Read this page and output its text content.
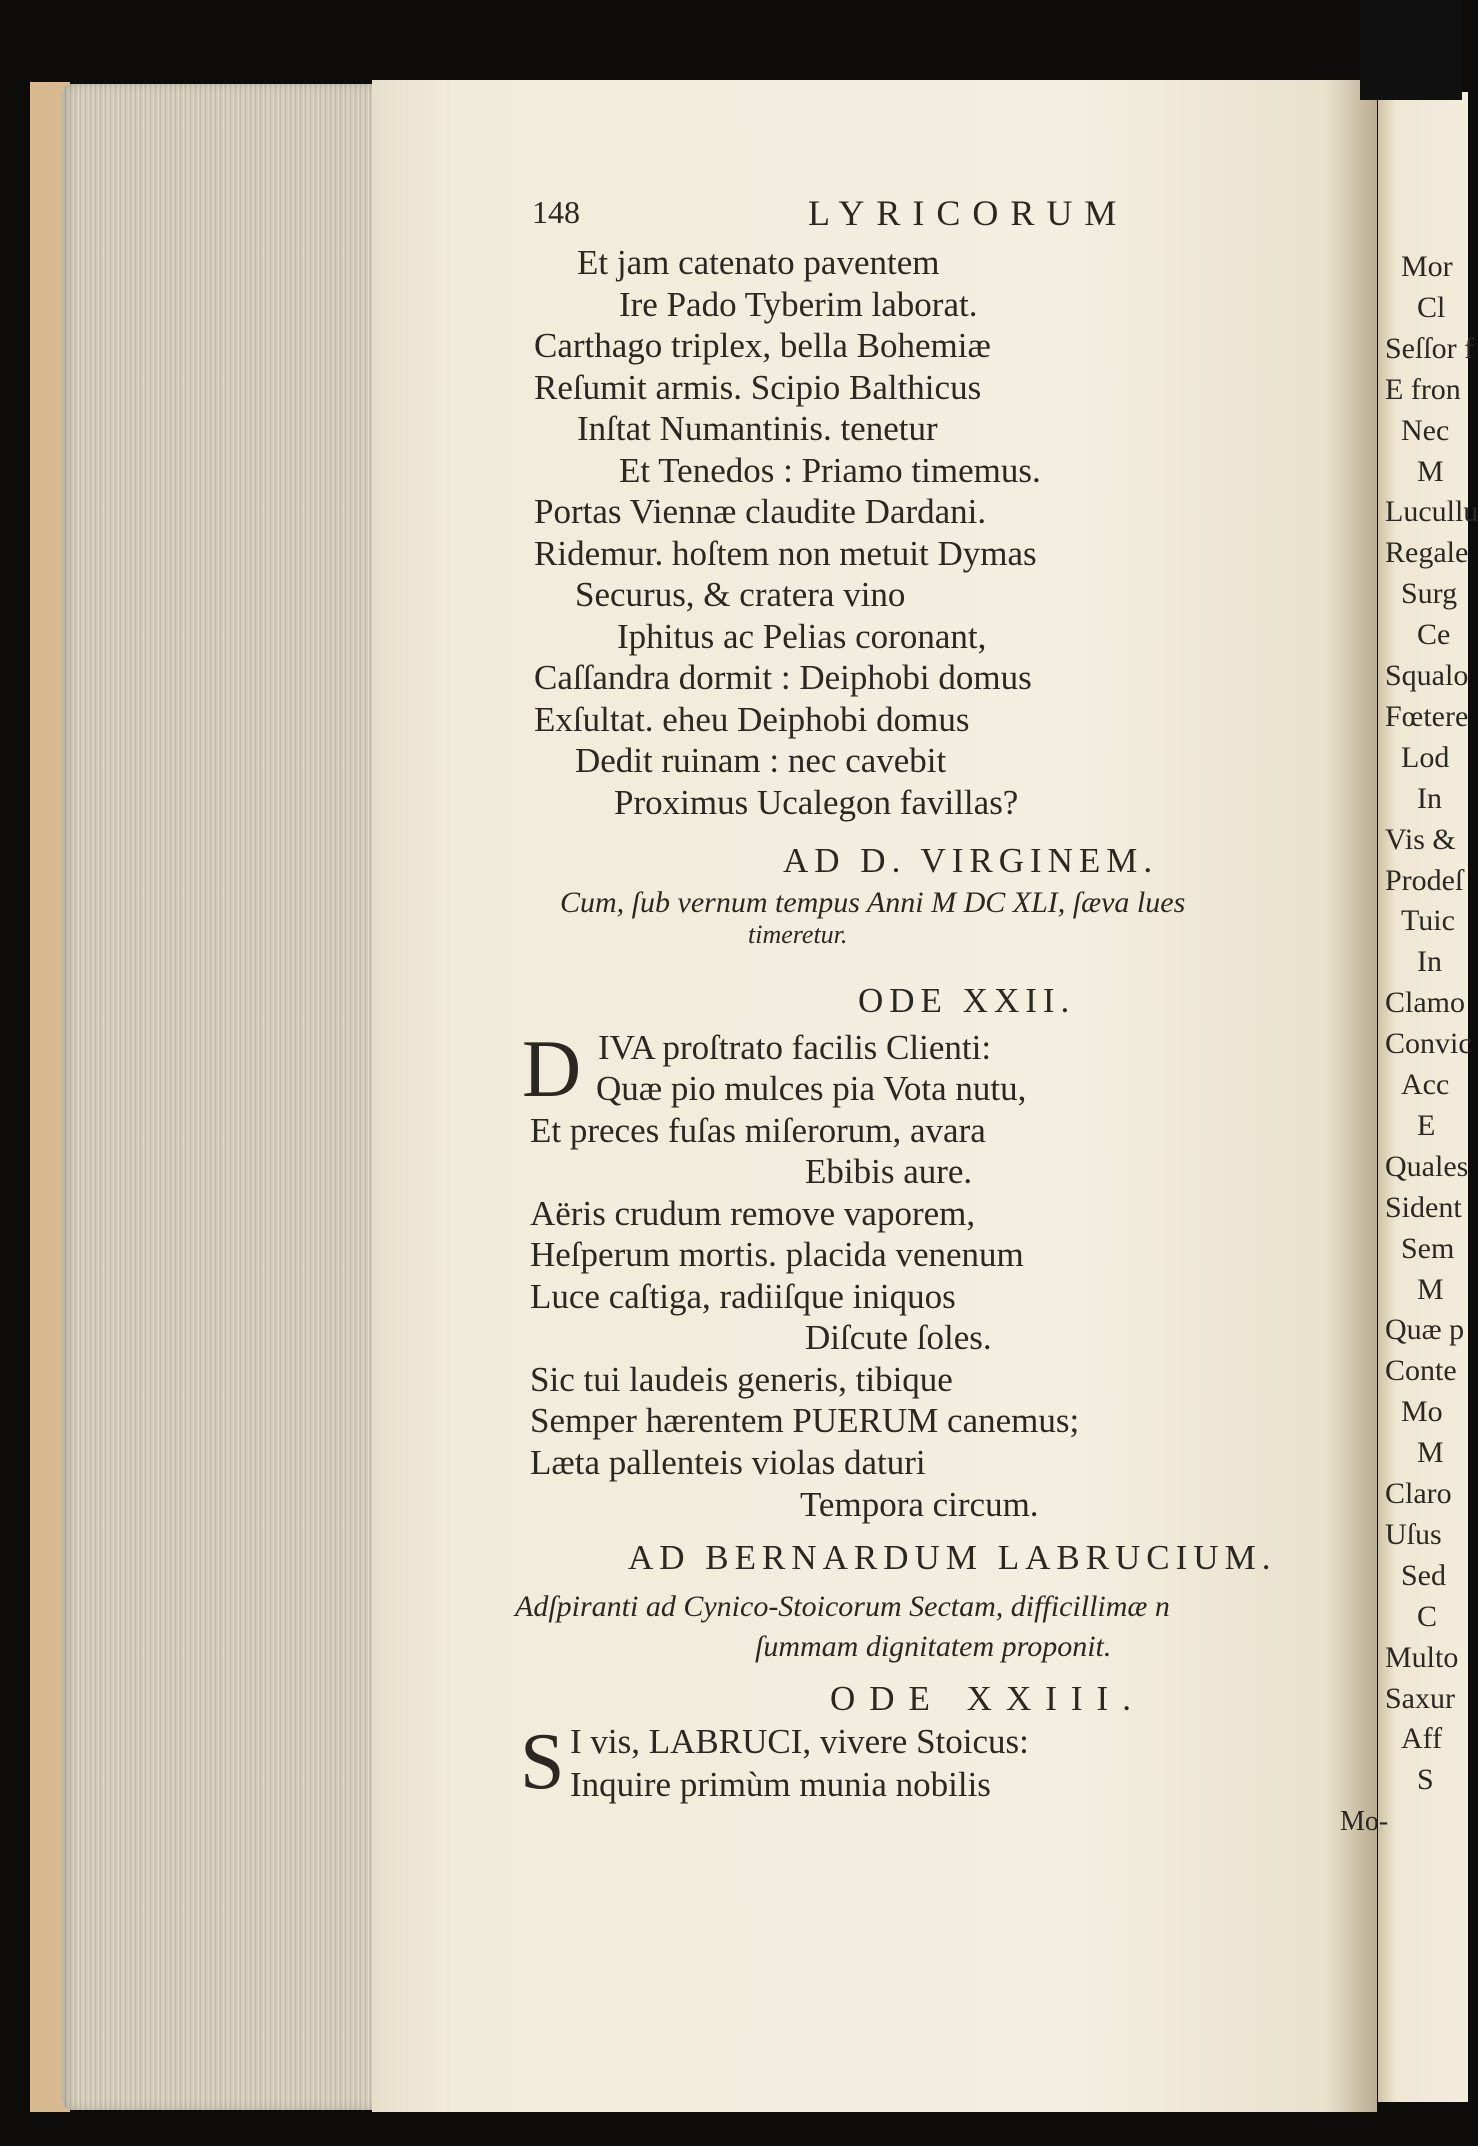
148	LYRICORUM
Et jam catenato paventem
Ire Pado Tyberim laborat.
Carthago triplex, bella Bohemiæ
Reſumit armis. Scipio Balthicus
Inſtat Numantinis. tenetur
Et Tenedos : Priamo timemus.
Portas Viennæ claudite Dardani.
Ridemur. hoſtem non metuit Dymas
Securus, & cratera vino
Iphitus ac Pelias coronant,
Caſſandra dormit : Deiphobi domus
Exſultat. eheu Deiphobi domus
Dedit ruinam : nec cavebit
Proximus Ucalegon favillas?
AD D. VIRGINEM.
Cum, ſub vernum tempus Anni M DC XLI, ſæva lues
timeretur.
ODE XXII.
D IVA proſtrato facilis Clienti:
Quæ pio mulces pia Vota nutu,
Et preces fuſas miſerorum, avara
Ebibis aure.
Aëris crudum remove vaporem,
Heſperum mortis. placida venenum
Luce caſtiga, radiiſque iniquos
Diſcute ſoles.
Sic tui laudeis generis, tibique
Semper hærentem PUERUM canemus;
Læta pallenteis violas daturi
Tempora circum.
AD BERNARDUM LABRUCIUM.
Adſpiranti ad Cynico-Stoicorum Sectam, difficillimæ n
ſummam dignitatem proponit.
ODE XXIII.
S I vis, LABRUCI, vivere Stoicus:
Inquire primùm munia nobilis
Mo-
Mor
Cl
Seſſor f
E fron
Nec
M
Lucullu
Regale
Surg
Ce
Squalo
Fœtere
Lod
In
Vis &
Prodeſ
Tuic
In
Clamo
Convic
Acc
E
Quales
Sident
Sem
M
Quæ p
Conte
Mo
M
Claro
Uſus
Sed
C
Multo
Saxur
Aff
S
